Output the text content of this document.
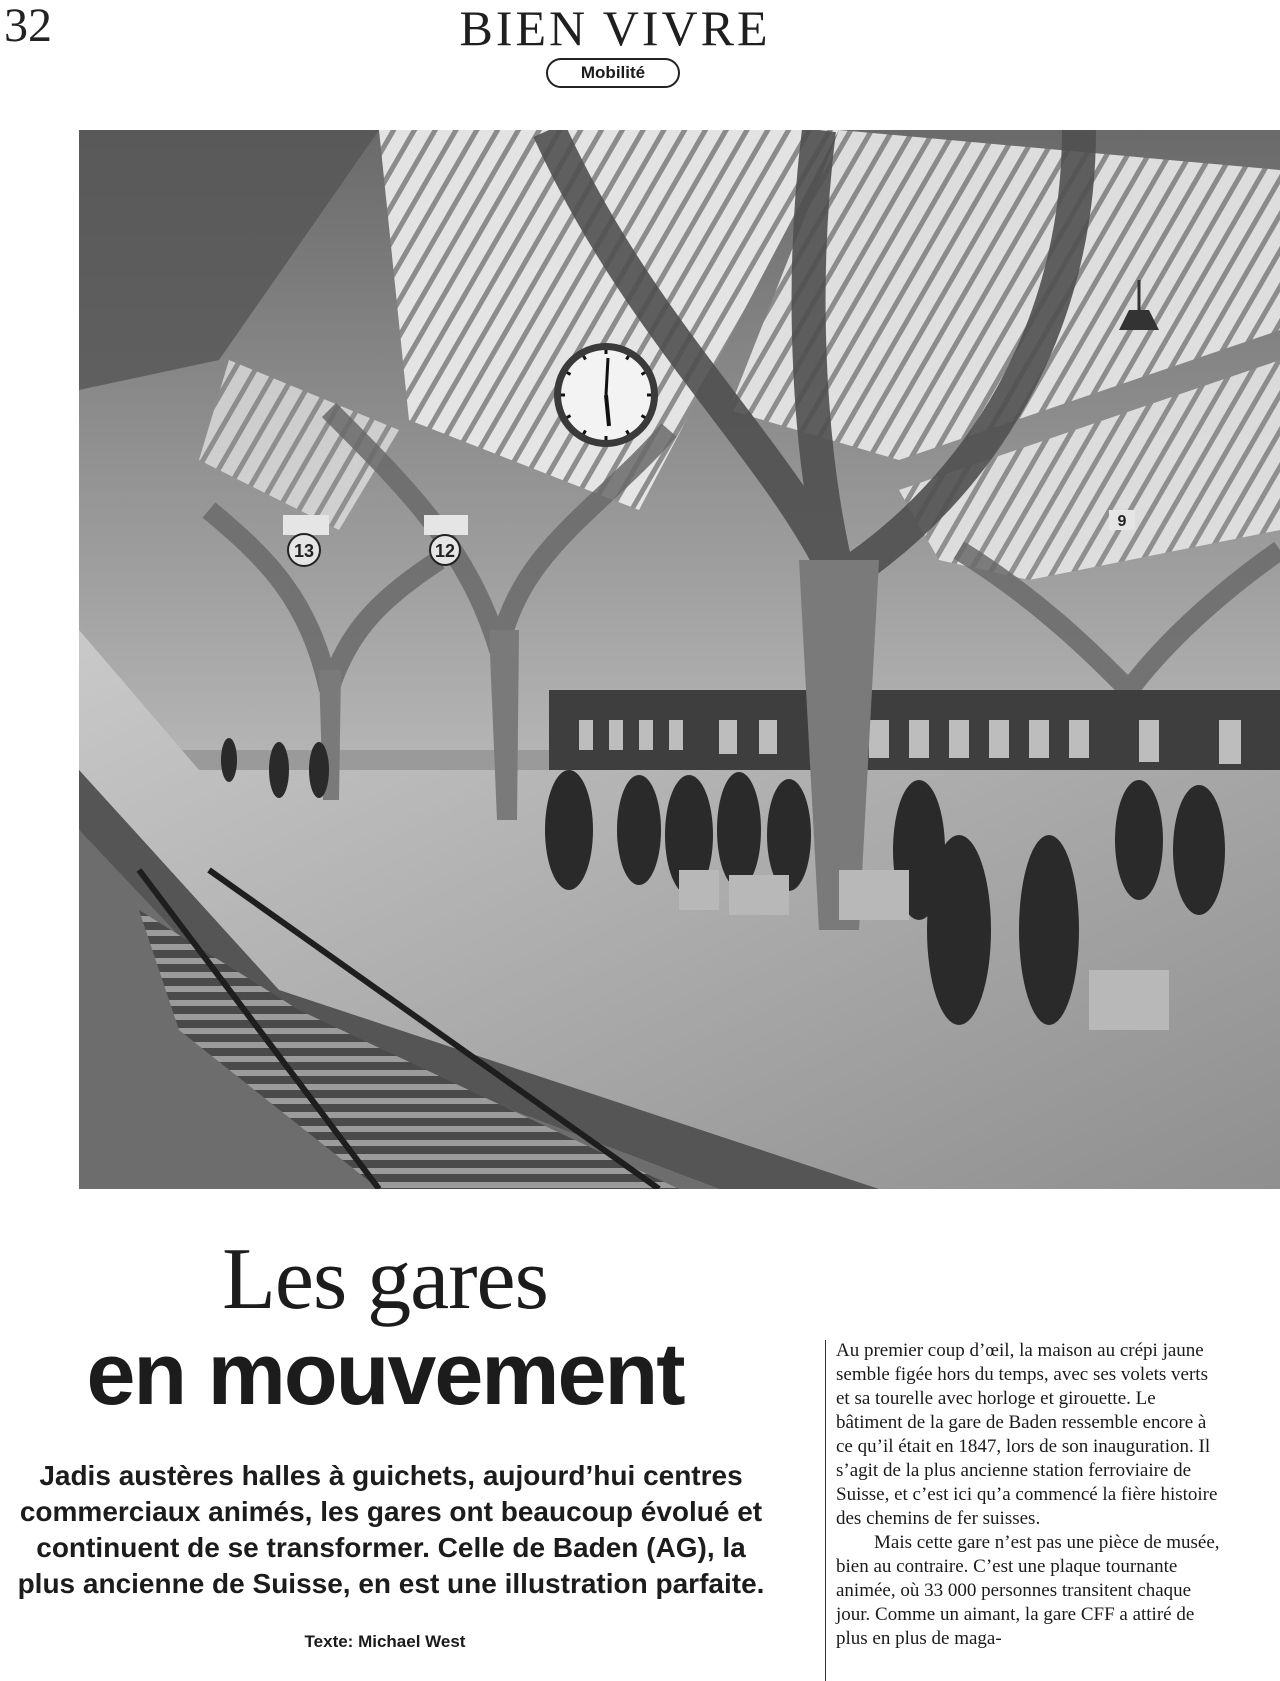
32	BIEN VIVRE
Mobilité
13	12
9
Les gares
en mouvement
Jadis austères halles à guichets, aujourd’hui centres commerciaux animés, les gares ont beaucoup évolué et continuent de se transformer. Celle de Baden (AG), la plus ancienne de Suisse, en est une illustration parfaite.
Texte: Michael West

Au premier coup d’œil, la maison au crépi jaune semble figée hors du temps, avec ses volets verts et sa tourelle avec horloge et girouette. Le bâtiment de la gare de Baden ressemble encore à ce qu’il était en 1847, lors de son inauguration. Il s’agit de la plus ancienne station ferroviaire de Suisse, et c’est ici qu’a commencé la fière histoire des chemins de fer suisses.

Mais cette gare n’est pas une pièce de musée, bien au contraire. C’est une plaque tournante animée, où 33 000 personnes transitent chaque jour. Comme un aimant, la gare CFF a attiré de plus en plus de maga-
